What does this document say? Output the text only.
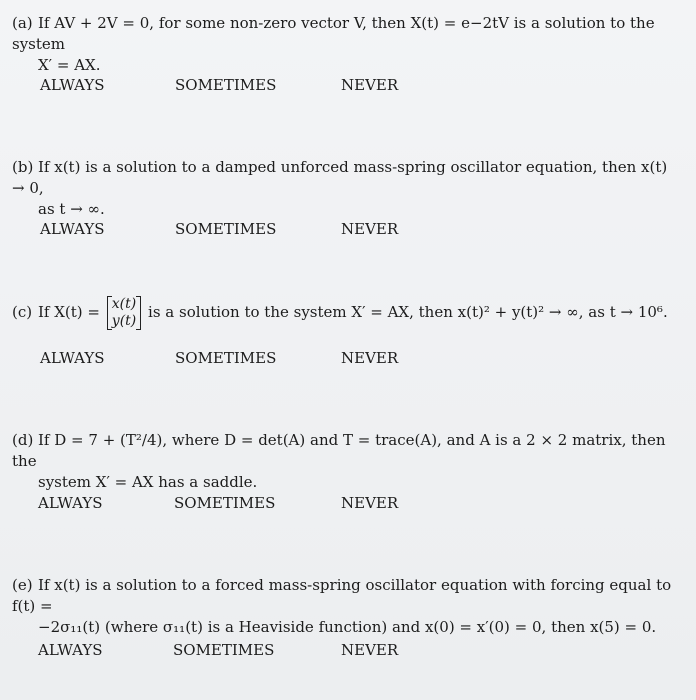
(a) If AV + 2V = 0, for some non-zero vector V, then X(t) = e−2tV is a solution to the system
X′ = AX.
ALWAYS	SOMETIMES	NEVER
(b) If x(t) is a solution to a damped unforced mass-spring oscillator equation, then x(t) → 0,
as t → ∞.
ALWAYS	SOMETIMES	NEVER
(c) If X(t) = x(t)
y(t) is a solution to the system X′ = AX, then x(t)² + y(t)² → ∞, as t → 10⁶.
ALWAYS	SOMETIMES	NEVER
(d) If D = 7 + (T²/4), where D = det(A) and T = trace(A), and A is a 2 × 2 matrix, then the
system X′ = AX has a saddle.
ALWAYS	SOMETIMES	NEVER
(e) If x(t) is a solution to a forced mass-spring oscillator equation with forcing equal to f(t) =
−2σ₁₁(t) (where σ₁₁(t) is a Heaviside function) and x(0) = x′(0) = 0, then x(5) = 0.
ALWAYS	SOMETIMES	NEVER
